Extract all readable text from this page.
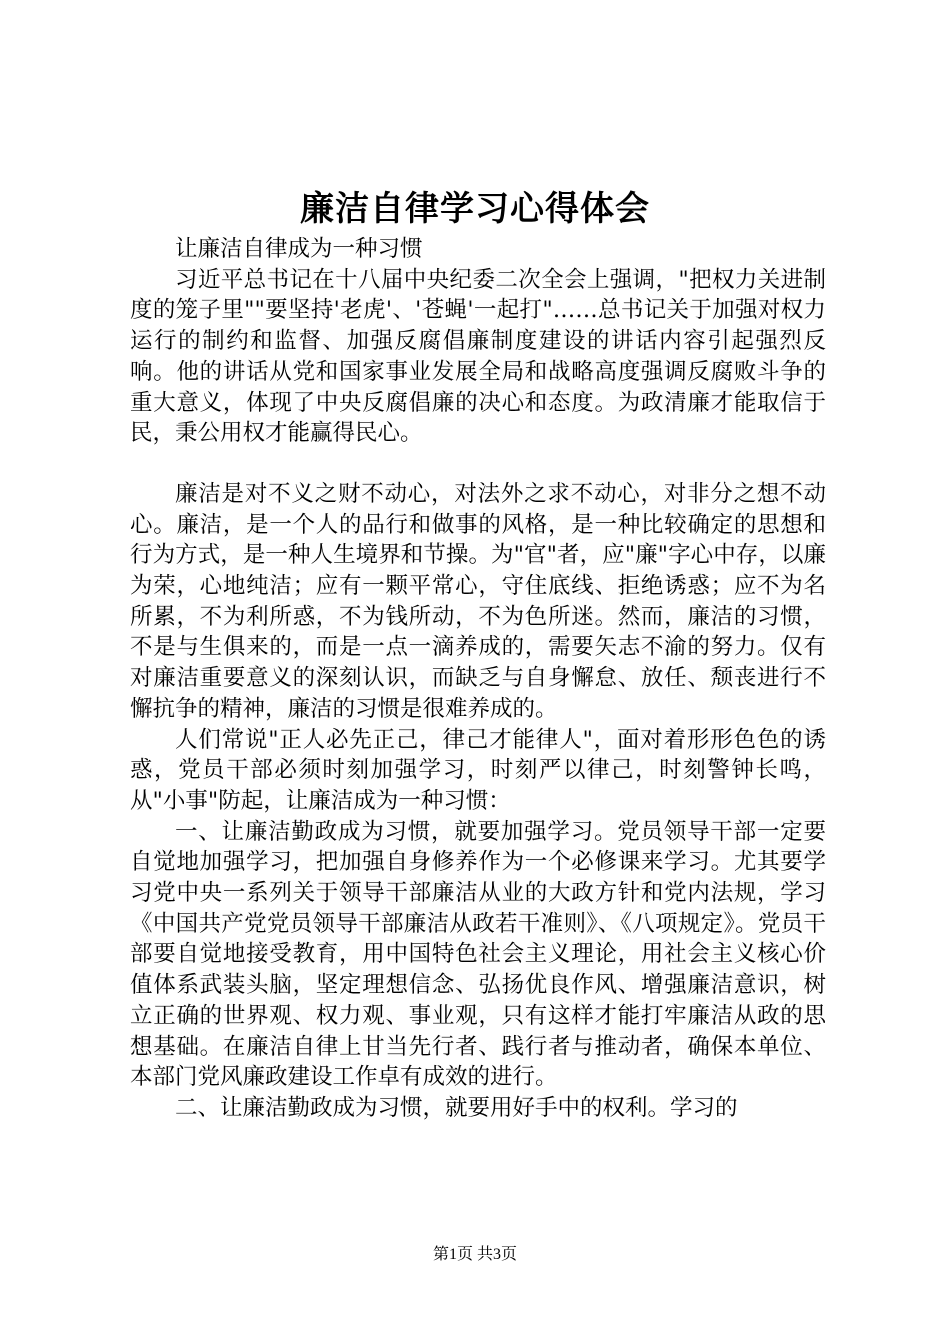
廉洁自律学习心得体会

让廉洁自律成为一种习惯

习近平总书记在十八届中央纪委二次全会上强调，"把权力关进制度的笼子里""要坚持'老虎'、'苍蝇'一起打"……总书记关于加强对权力运行的制约和监督、加强反腐倡廉制度建设的讲话内容引起强烈反响。他的讲话从党和国家事业发展全局和战略高度强调反腐败斗争的重大意义，体现了中央反腐倡廉的决心和态度。为政清廉才能取信于民，秉公用权才能赢得民心。

廉洁是对不义之财不动心，对法外之求不动心，对非分之想不动心。廉洁，是一个人的品行和做事的风格，是一种比较确定的思想和行为方式，是一种人生境界和节操。为"官"者，应"廉"字心中存，以廉为荣，心地纯洁；应有一颗平常心，守住底线、拒绝诱惑；应不为名所累，不为利所惑，不为钱所动，不为色所迷。然而，廉洁的习惯，不是与生俱来的，而是一点一滴养成的，需要矢志不渝的努力。仅有对廉洁重要意义的深刻认识，而缺乏与自身懈怠、放任、颓丧进行不懈抗争的精神，廉洁的习惯是很难养成的。

人们常说"正人必先正己，律己才能律人"，面对着形形色色的诱惑，党员干部必须时刻加强学习，时刻严以律己，时刻警钟长鸣，从"小事"防起，让廉洁成为一种习惯：

一、让廉洁勤政成为习惯，就要加强学习。党员领导干部一定要自觉地加强学习，把加强自身修养作为一个必修课来学习。尤其要学习党中央一系列关于领导干部廉洁从业的大政方针和党内法规，学习《中国共产党党员领导干部廉洁从政若干准则》、《八项规定》。党员干部要自觉地接受教育，用中国特色社会主义理论，用社会主义核心价值体系武装头脑，坚定理想信念、弘扬优良作风、增强廉洁意识，树立正确的世界观、权力观、事业观，只有这样才能打牢廉洁从政的思想基础。在廉洁自律上甘当先行者、践行者与推动者，确保本单位、本部门党风廉政建设工作卓有成效的进行。

二、让廉洁勤政成为习惯，就要用好手中的权利。学习的

第1页 共3页
